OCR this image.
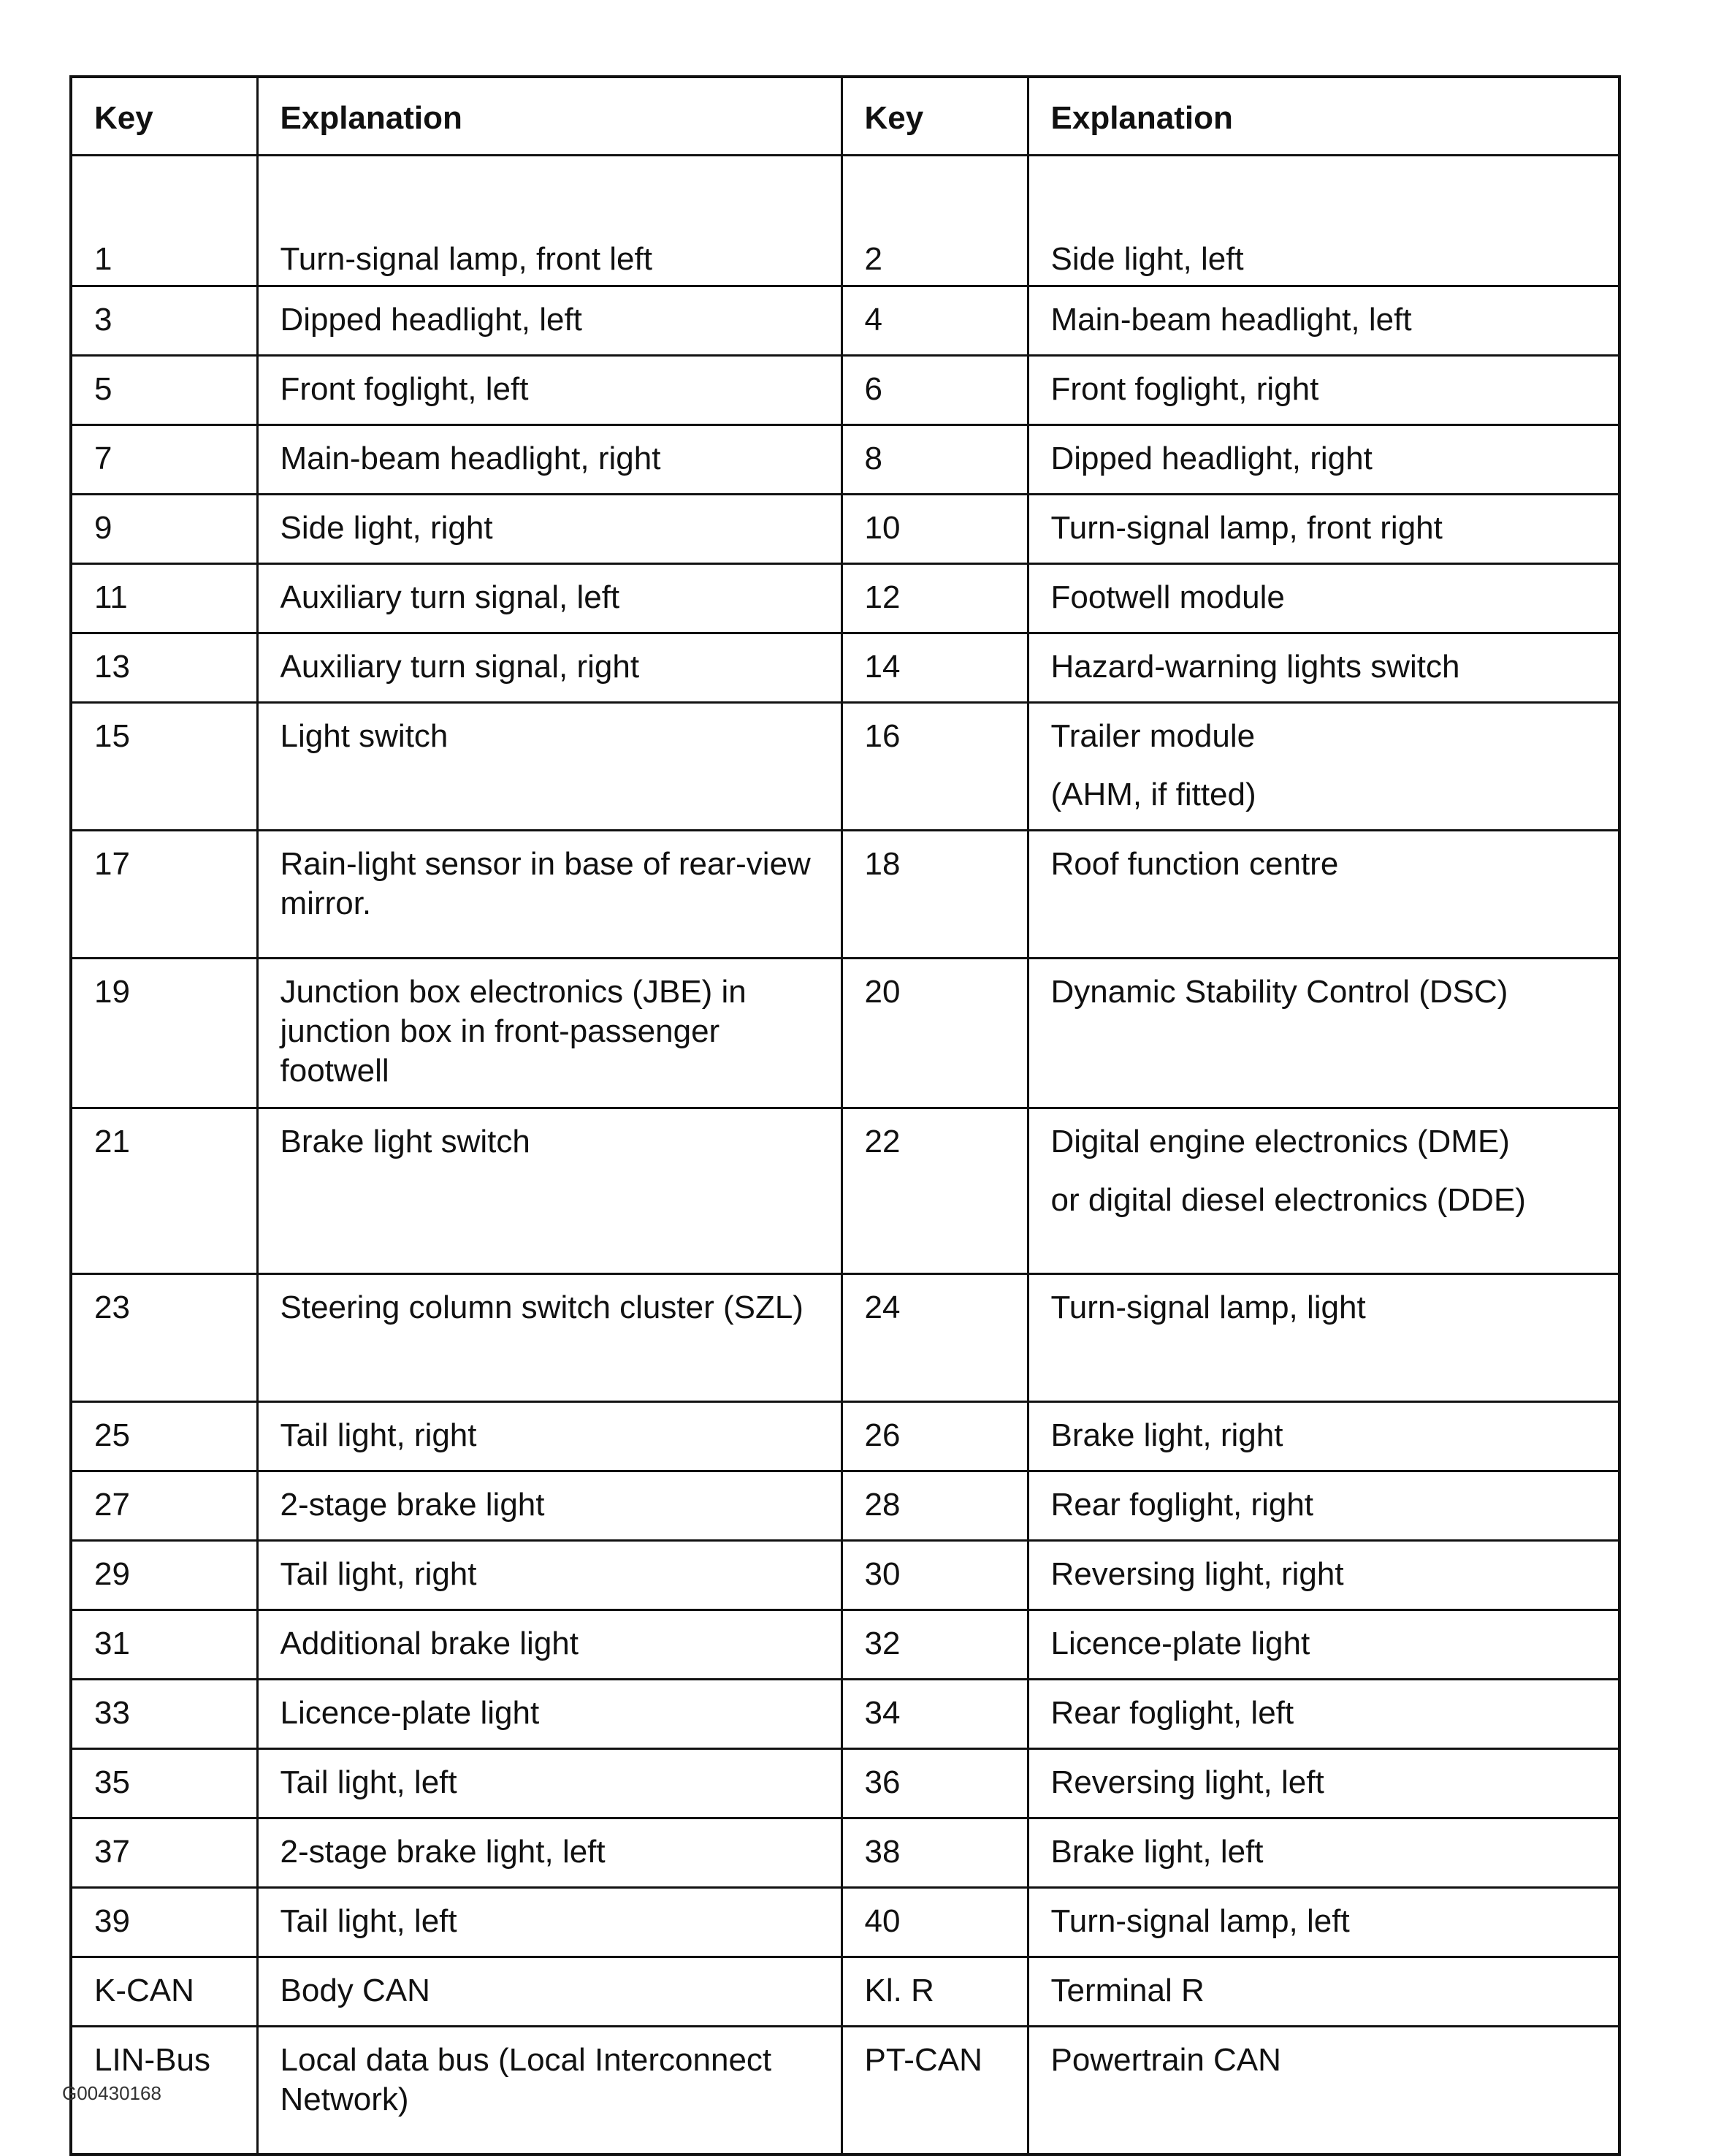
Key	Explanation	Key	Explanation
1	Turn-signal lamp, front left	2	Side light, left
3	Dipped headlight, left	4	Main-beam headlight, left
5	Front foglight, left	6	Front foglight, right
7	Main-beam headlight, right	8	Dipped headlight, right
9	Side light, right	10	Turn-signal lamp, front right
11	Auxiliary turn signal, left	12	Footwell module
13	Auxiliary turn signal, right	14	Hazard-warning lights switch
15	Light switch	16	Trailer module
(AHM, if fitted)

17	Rain-light sensor in base of rear-view mirror.	18	Roof function centre
19	Junction box electronics (JBE) in junction box in front-passenger footwell	20	Dynamic Stability Control (DSC)
21	Brake light switch	22	Digital engine electronics (DME)
or digital diesel electronics (DDE)

23	Steering column switch cluster (SZL)	24	Turn-signal lamp, light
25	Tail light, right	26	Brake light, right
27	2-stage brake light	28	Rear foglight, right
29	Tail light, right	30	Reversing light, right
31	Additional brake light	32	Licence-plate light
33	Licence-plate light	34	Rear foglight, left
35	Tail light, left	36	Reversing light, left
37	2-stage brake light, left	38	Brake light, left
39	Tail light, left	40	Turn-signal lamp, left
K-CAN	Body CAN	Kl. R	Terminal R
LIN-Bus	Local data bus (Local Interconnect Network)	PT-CAN	Powertrain CAN
G00430168
